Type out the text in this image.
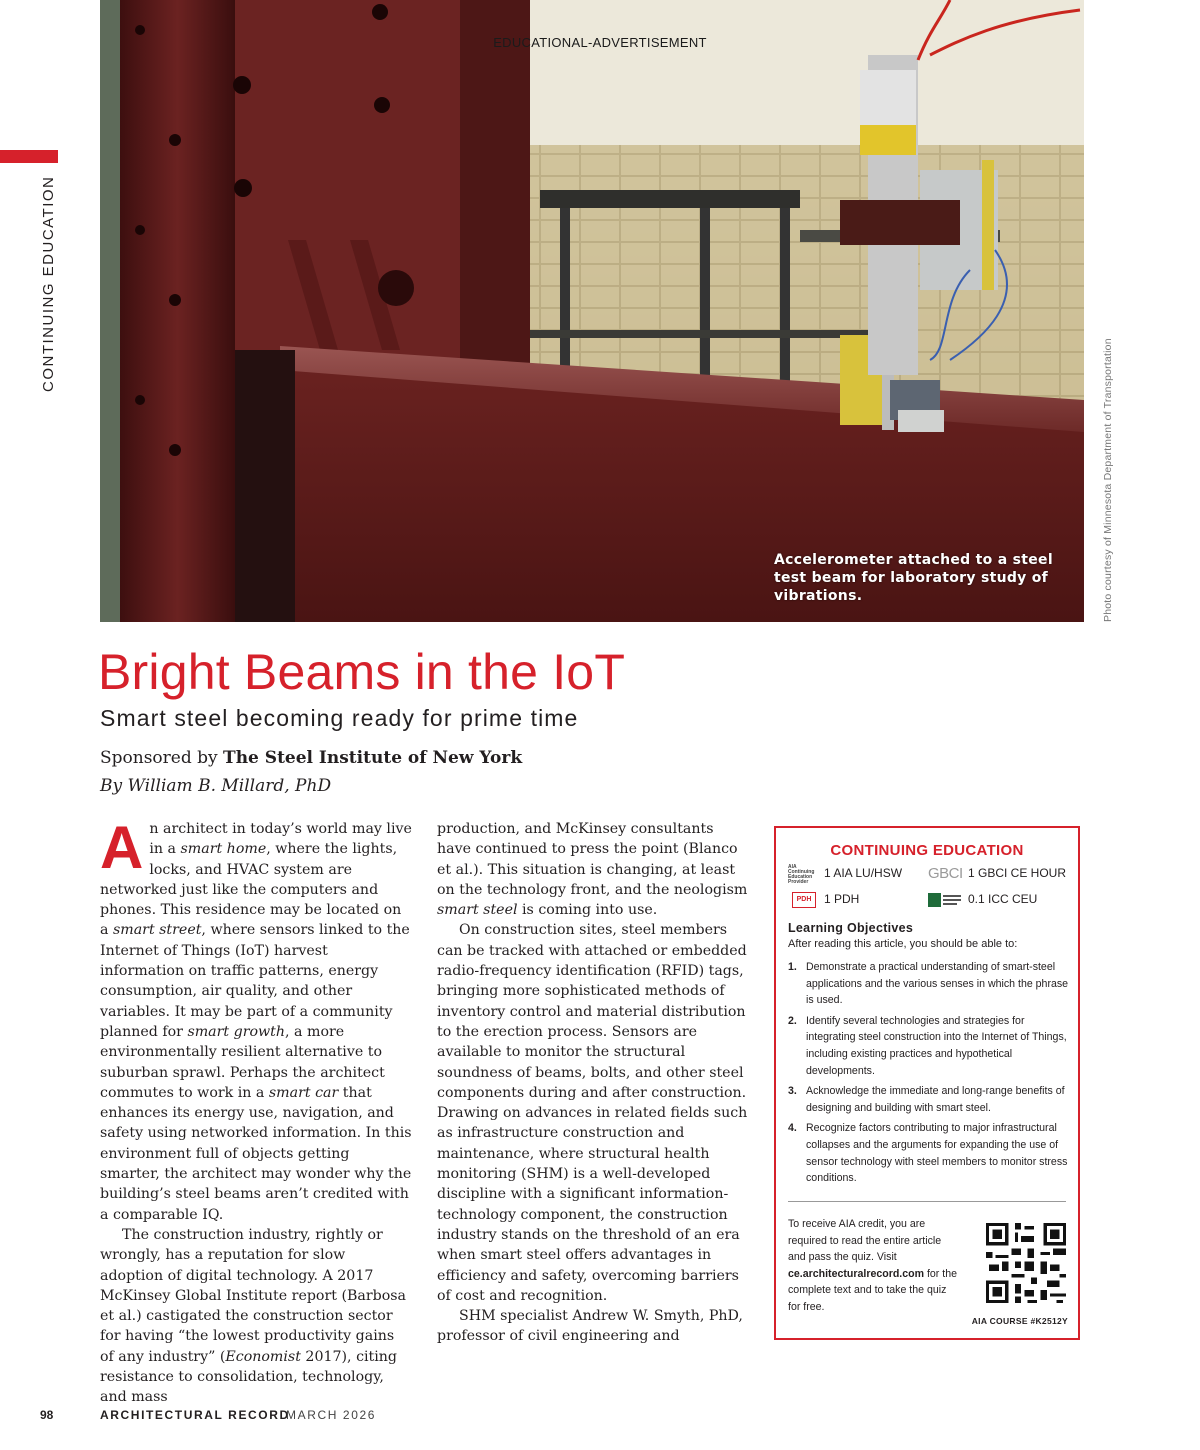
CONTINUING EDUCATION
EDUCATIONAL-ADVERTISEMENT
Accelerometer attached to a steel test beam for laboratory study of vibrations.	Photo courtesy of Minnesota Department of Transportation
Bright Beams in the IoT
Smart steel becoming ready for prime time
Sponsored by The Steel Institute of New York
By William B. Millard, PhD

An architect in today’s world may live in a smart home, where the lights, locks, and HVAC system are networked just like the computers and phones. This residence may be located on a smart street, where sensors linked to the Internet of Things (IoT) harvest information on traffic patterns, energy consumption, air quality, and other variables. It may be part of a community planned for smart growth, a more environmentally resilient alternative to suburban sprawl. Perhaps the architect commutes to work in a smart car that enhances its energy use, navigation, and safety using networked information. In this environment full of objects getting smarter, the architect may wonder why the building’s steel beams aren’t credited with a comparable IQ.

The construction industry, rightly or wrongly, has a reputation for slow adoption of digital technology. A 2017 McKinsey Global Institute report (Barbosa et al.) castigated the construction sector for having “the lowest productivity gains of any industry” (Economist 2017), citing resistance to consolidation, technology, and mass

production, and McKinsey consultants have continued to press the point (Blanco et al.). This situation is changing, at least on the technology front, and the neologism smart steel is coming into use.

On construction sites, steel members can be tracked with attached or embedded radio-frequency identification (RFID) tags, bringing more sophisticated methods of inventory control and material distribution to the erection process. Sensors are available to monitor the structural soundness of beams, bolts, and other steel components during and after construction. Drawing on advances in related fields such as infrastructure construction and maintenance, where structural health monitoring (SHM) is a well-developed discipline with a significant information-technology component, the construction industry stands on the threshold of an era when smart steel offers advantages in efficiency and safety, overcoming barriers of cost and recognition.

SHM specialist Andrew W. Smyth, PhD, professor of civil engineering and

CONTINUING EDUCATION
AIA Continuing Education Provider
1 AIA LU/HSW GBCI 1 GBCI CE HOUR
PDH	1 PDH	0.1 ICC CEU
Learning Objectives
After reading this article, you should be able to:
1. Demonstrate a practical understanding of smart-steel applications and the various senses in which the phrase is used.
2. Identify several technologies and strategies for integrating steel construction into the Internet of Things, including existing practices and hypothetical developments.
3. Acknowledge the immediate and long-range benefits of designing and building with smart steel.
4. Recognize factors contributing to major infrastructural collapses and the arguments for expanding the use of sensor technology with steel members to monitor stress conditions.
To receive AIA credit, you are required to read the entire article and pass the quiz. Visit ce.architecturalrecord.com for the complete text and to take the quiz for free.
AIA COURSE #K2512Y
98	ARCHITECTURAL RECORD
MARCH 2026
